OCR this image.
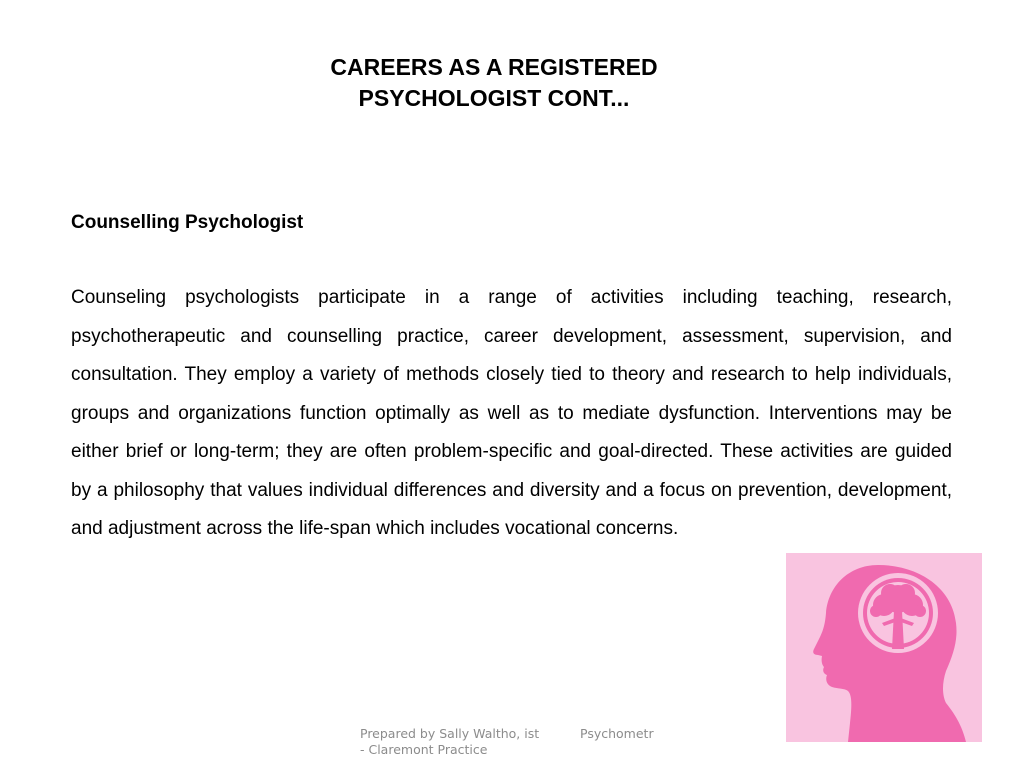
CAREERS AS A REGISTERED
PSYCHOLOGIST CONT...
Counselling Psychologist

Counseling psychologists participate in a range of activities including teaching, research, psychotherapeutic and counselling practice, career development, assessment, supervision, and consultation. They employ a variety of methods closely tied to theory and research to help individuals, groups and organizations function optimally as well as to mediate dysfunction. Interventions may be either brief or long-term; they are often problem-specific and goal-directed. These activities are guided by a philosophy that values individual differences and diversity and a focus on prevention, development, and adjustment across the life-span which includes vocational concerns.

Prepared by Sally Waltho, ist - Claremont Practice
Psychometr
